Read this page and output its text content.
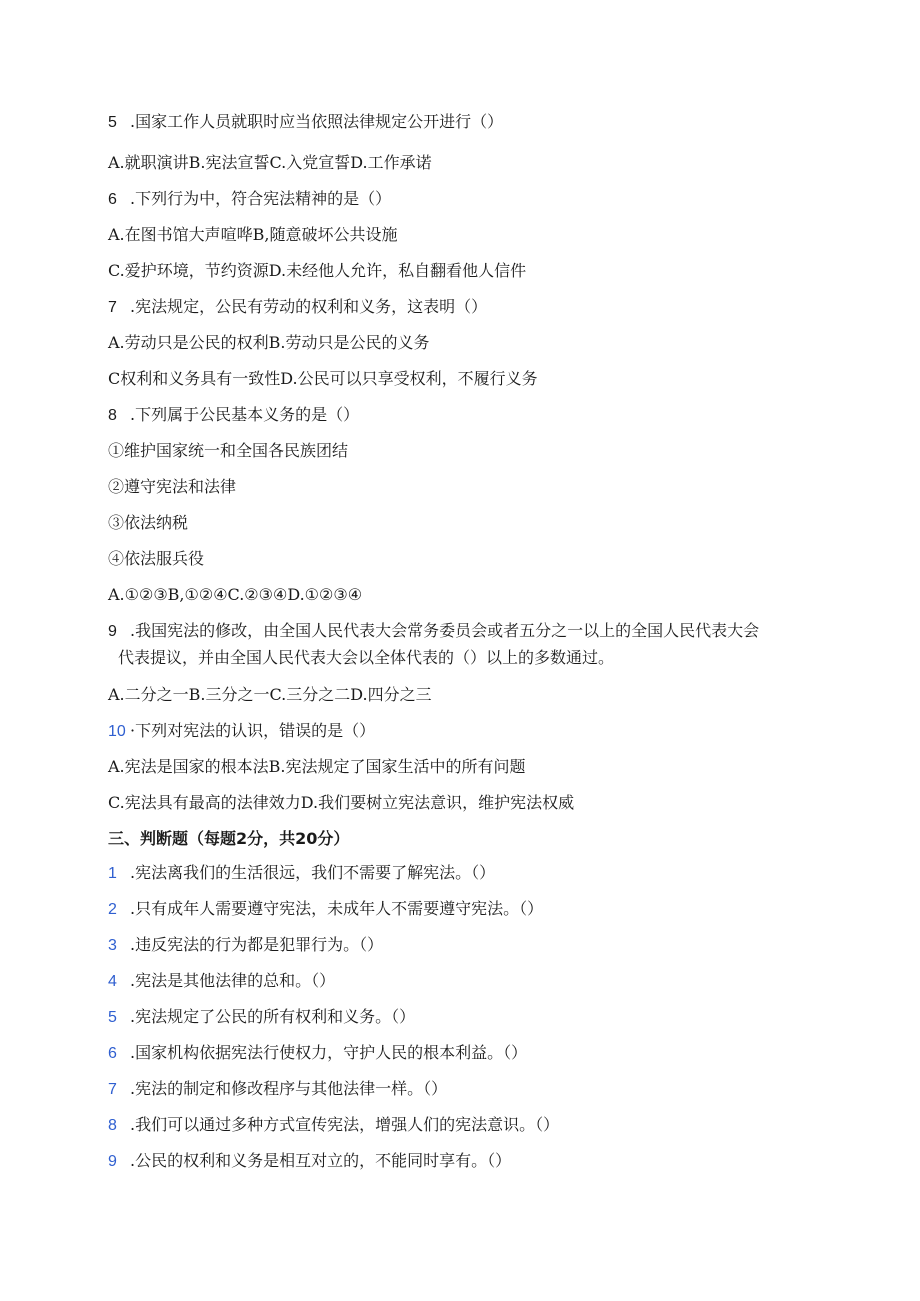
5 .国家工作人员就职时应当依照法律规定公开进行（）
A.就职演讲B.宪法宣誓C.入党宣誓D.工作承诺
6 .下列行为中，符合宪法精神的是（）
A.在图书馆大声喧哗B,随意破坏公共设施
C.爱护环境，节约资源D.未经他人允许，私自翻看他人信件
7 .宪法规定，公民有劳动的权利和义务，这表明（）
A.劳动只是公民的权利B.劳动只是公民的义务
C权利和义务具有一致性D.公民可以只享受权利，不履行义务
8 .下列属于公民基本义务的是（）
①维护国家统一和全国各民族团结
②遵守宪法和法律
③依法纳税
④依法服兵役
A.①②③B,①②④C.②③④D.①②③④
9 .我国宪法的修改，由全国人民代表大会常务委员会或者五分之一以上的全国人民代表大会
代表提议，并由全国人民代表大会以全体代表的（）以上的多数通过。
A.二分之一B.三分之一C.三分之二D.四分之三
10 ·下列对宪法的认识，错误的是（）
A.宪法是国家的根本法B.宪法规定了国家生活中的所有问题
C.宪法具有最高的法律效力D.我们要树立宪法意识，维护宪法权威
三、判断题（每题2分，共20分）
1 .宪法离我们的生活很远，我们不需要了解宪法。（）
2 .只有成年人需要遵守宪法，未成年人不需要遵守宪法。（）
3 .违反宪法的行为都是犯罪行为。（）
4 .宪法是其他法律的总和。（）
5 .宪法规定了公民的所有权利和义务。（）
6 .国家机构依据宪法行使权力，守护人民的根本利益。（）
7 .宪法的制定和修改程序与其他法律一样。（）
8 .我们可以通过多种方式宣传宪法，增强人们的宪法意识。（）
9 .公民的权利和义务是相互对立的，不能同时享有。（）
